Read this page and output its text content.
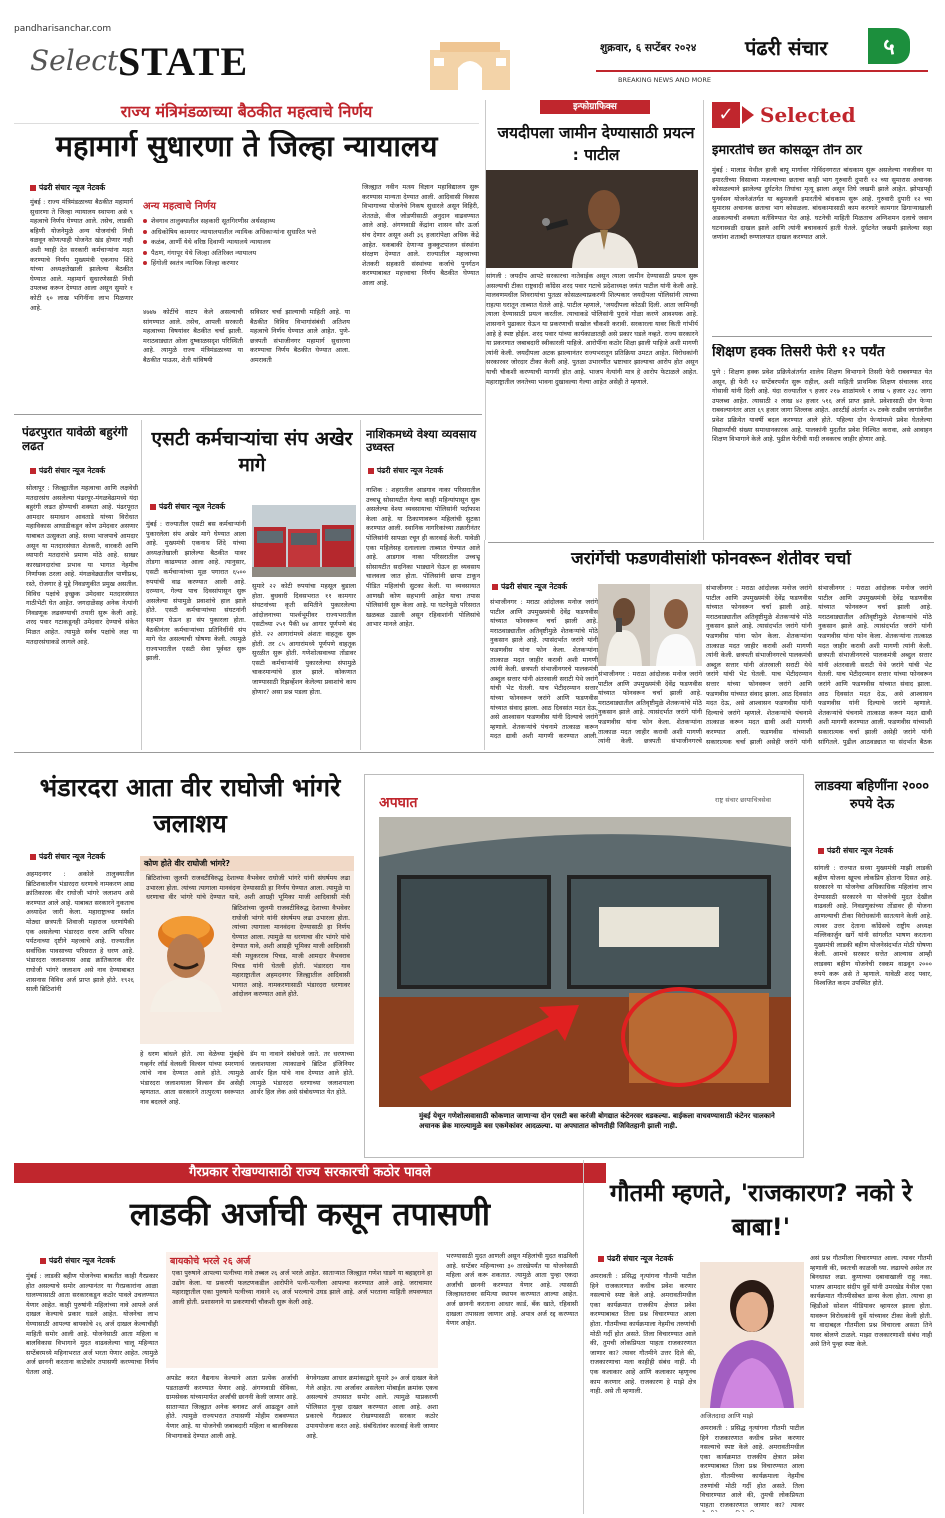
pandharisanchar.com
Select STATE	शुक्रवार, ६ सप्टेंबर २०२४ पंढरी संचार	५
BREAKING NEWS AND MORE
राज्य मंत्रिमंडळाच्या बैठकीत महत्वाचे निर्णय
महामार्ग सुधारणा ते जिल्हा न्यायालय
पंढरी संचार न्यूज नेटवर्क
मुंबई : राज्य मंत्रिमंडळाच्या बैठकीत महामार्ग सुधारणा ते जिल्हा न्यायालय स्थापना असे ९ महत्वाचे निर्णय घेण्यात आले. तसेच, लाडकी बहिणी योजनेमुळे अन्य योजनांची निधी वळवून कोणत्याही योजनेत खंड होणार नाही अशी ग्वाही देत सरकारी कर्मचाऱ्यांना मदत करण्याचे निर्णय मुख्यमंत्री एकनाथ शिंदे यांच्या अध्यक्षतेखाली झालेल्या बैठकीत घेण्यात आले. महामार्ग सुधारणेसाठी निधी उपलब्ध करून देण्यात आला असून सुमारे १ कोटी ६० लाख भगिनींना लाभ मिळणार आहे.
अन्य महत्वाचे निर्णय
शेवगाव तालुक्यातील सहकारी सूतगिरणीस अर्थसहाय्य
अधिकोषिय कामगार न्यायालयातील न्यायिक अधिकाऱ्यांना सुधारित भत्ते
कळंब, आर्णी येथे वरिष्ठ दिवाणी न्यायालये न्यायालय
पैठण, गंगापूर येथे जिल्हा अतिरिक्त न्यायालय
हिंगोली स्वतंत्र न्यायिक जिल्हा करणार
४७४७ कोटींचे वाटप केले असल्याची सांगण्यात आले. तसेच, आपली सरकारी महत्वाच्या विषयांवर बैठकीत चर्चा झाली. मराठवाड्यात ओला दुष्काळसदृश परिस्थिती आहे. त्यामुळे राज्य मंत्रिमंडळाच्या या बैठकीत पाऊस, शेती यांविषयी
सविस्तर चर्चा झाल्याची माहिती आहे. या बैठकीत विविध विभागांसंबंधी अतिशय महत्वाचे निर्णय घेण्यात आले आहेत. पुणे- छत्रपती संभाजीनगर महामार्ग सुधारणा करण्याचा निर्णय बैठकीत घेण्यात आला. अमरावती
जिल्ह्यात नवीन मत्स्य विज्ञान महाविद्यालय सुरू करण्यास मान्यता देण्यात आली. आदिवासी विकास विभागाच्या योजनेचे निकष सुधारले असून विहिरी, शेततळे, वीज जोडणीसाठी अनुदान वाढवण्यात आले आहे. अंगणवाडी केंद्रांना शासन सौर ऊर्जा संच देणार असून अशी ३६ हजारांपेक्षा अधिक केंद्रे आहेत. थकबाकी देणाऱ्या कुक्कुटपालन संस्थांना संरक्षण देण्यात आले. राज्यातील महत्त्वाच्या शेतकरी सहकारी संस्थांच्या कर्जाचे पुनर्गठन करण्याबाबत महत्त्वाचा निर्णय बैठकीत घेण्यात आला आहे.
इन्फोग्राफिक्स
जयदीपला जामीन देण्यासाठी प्रयत्न : पाटील
सांगली : जयदीप आपटे सरकारचा नातेवाईक असून त्याला जामीन देण्यासाठी प्रयत्न सुरू असल्याची टीका राष्ट्रवादी काँग्रेस शरद पवार गटाचे प्रदेशाध्यक्ष जयंत पाटील यांनी केली आहे. मालवणमधील शिवरायांचा पुतळा कोसळल्याप्रकरणी शिल्पकार जयदीपला पोलिसांनी त्याच्या राहत्या घरातून ताब्यात घेतले आहे. पाटील म्हणाले, 'जयदीपला कोठडी दिली. आता जामिनही त्याला देण्यासाठी प्रयत्न करतील. त्याचाकडे पोलिसांनी पुरावे गोळा करणे आवश्यक आहे. शासनाने पुढाकार घेऊन या प्रकरणाची सखोल चौकशी करावी. सरकारला यावर किती गांभीर्य आहे हे स्पष्ट होईल. शरद पवार यांच्या कार्यकाळातही असे प्रकार घडले नव्हते. राज्य सरकारने या प्रकरणात जबाबदारी स्वीकारली पाहिजे. आरोपींना कठोर शिक्षा झाली पाहिजे अशी मागणी त्यांनी केली. जयदीपला अटक झाल्यानंतर राज्यभरातून प्रतिक्रिया उमटत आहेत. विरोधकांनी सरकारवर जोरदार टीका केली आहे. पुतळा उभारणीत भ्रष्टाचार झाल्याचा आरोप होत असून याची चौकशी करण्याची मागणी होत आहे. भाजप नेत्यांनी मात्र हे आरोप फेटाळले आहेत. महाराष्ट्रातील जनतेच्या भावना दुखावल्या गेल्या आहेत असेही ते म्हणाले.
✓	Selected
इमारतीचे छत कोसळून तीन ठार
मुंबई : मालाड येथील हाजी बापू मार्गावर गोविंदनगरात बांधकाम सुरू असलेल्या नवजीवन या इमारतीच्या विसाव्या मजल्याच्या छताचा काही भाग गुरुवारी दुपारी १२ च्या सुमारास अचानक कोसळल्याने झालेल्या दुर्घटनेत तिघांचा मृत्यू झाला असून तिघे जखमी झाले आहेत. झोपडपट्टी पुनर्वसन योजनेअंतर्गत या बहुमजली इमारतीचे बांधकाम सुरू आहे. गुरुवारी दुपारी १२ च्या सुमारास अचानक छताचा भाग कोसळला. बांधकामासाठी काम करणारे कामगार ढिगाऱ्याखाली अडकल्याची शक्यता वर्तविण्यात येत आहे. घटनेची माहिती मिळताच अग्निशमन दलाचे जवान घटनास्थळी दाखल झाले आणि त्यांनी बचावकार्य हाती घेतले. दुर्घटनेत जखमी झालेल्या सहा जणांना शताब्दी रुग्णालयात दाखल करण्यात आले.
शिक्षण हक्क तिसरी फेरी १२ पर्यंत
पुणे : शिक्षण हक्क प्रवेश प्रक्रियेअंतर्गत शालेय शिक्षण विभागाने तिसरी फेरी राबवण्यात येत असून, ही फेरी १२ सप्टेंबरपर्यंत सुरू राहील, अशी माहिती प्राथमिक शिक्षण संचालक शरद गोसावी यांनी दिली आहे. यंदा राज्यातील ९ हजार २१७ शाळांमध्ये १ लाख ५ हजार २३८ जागा उपलब्ध आहेत. त्यासाठी २ लाख ४२ हजार ५१६ अर्ज प्राप्त झाले. प्रवेशासाठी दोन फेऱ्या राबवल्यानंतर आता ६९ हजार जागा शिल्लक आहेत. आरटीई अंतर्गत २५ टक्के राखीव जागांवरील प्रवेश प्रक्रियेत यावर्षी बदल करण्यात आले होते. पहिल्या दोन फेऱ्यांमध्ये प्रवेश घेतलेल्या विद्यार्थ्यांची संख्या समाधानकारक आहे. पालकांनी मुदतीत प्रवेश निश्चित करावा, असे आवाहन शिक्षण विभागाने केले आहे. पुढील फेरीची यादी लवकरच जाहीर होणार आहे.
पंढरपुरात यावेळी बहुरंगी लढत
पंढरी संचार न्यूज नेटवर्क
सोलापूर : जिल्ह्यातील महत्वाचा आणि लक्षवेधी मतदारसंघ असलेल्या पंढरपूर-मंगळवेढामध्ये यंदा बहुरंगी लढत होण्याची शक्यता आहे. पंढरपूरात आमदार समाधान आवताडे यांच्या विरोधात महाविकास आघाडीकडून कोण उमेदवार असणार याबाबत उत्सुकता आहे. सध्या भाजपाचे आमदार असून या मतदारसंघात शेतकरी, वारकरी आणि व्यापारी मतदारांचे प्रमाण मोठे आहे. साखर कारखानदारांचा प्रभाव या भागात नेहमीच निर्णायक ठरला आहे. मंगळवेढ्यातील पाणीप्रश्न, रस्ते, रोजगार हे मुद्दे निवडणुकीत प्रमुख असतील. विविध पक्षांचे इच्छुक उमेदवार मतदारसंघात गाठीभेटी घेत आहेत. जगदाळेंसह अनेक नेत्यांनी निवडणूक लढवण्याची तयारी सुरू केली आहे. शरद पवार गटाकडूनही उमेदवार देण्याचे संकेत मिळत आहेत. त्यामुळे सर्वच पक्षांचे लक्ष या मतदारसंघाकडे लागले आहे.
एसटी कर्मचाऱ्यांचा संप अखेर मागे
पंढरी संचार न्यूज नेटवर्क
मुंबई : राज्यातील एसटी बस कर्मचाऱ्यांनी पुकारलेला संप अखेर मागे घेण्यात आला आहे. मुख्यमंत्री एकनाथ शिंदे यांच्या अध्यक्षतेखाली झालेल्या बैठकीत यावर तोडगा काढण्यात आला आहे. त्यानुसार, एसटी कर्मचाऱ्यांच्या मूळ पगारात ६५०० रुपयांची वाढ करण्यात आली आहे. दरम्यान, गेल्या पाच दिवसांपासून सुरू असलेल्या संपामुळे प्रवाशांचे हाल झाले होते. एसटी कर्मचाऱ्यांच्या संघटनांनी सहभाग घेऊन हा संप पुकारला होता. बैठकीनंतर कर्मचाऱ्यांच्या प्रतिनिधींनी संप मागे घेत असल्याची घोषणा केली. त्यामुळे राज्यभरातील एसटी सेवा पूर्ववत सुरू झाली.
सुमारे २२ कोटी रुपयांचा महसूल बुडाला होता. बुधवारी दिवसभरात ११ कामगार संघटनांच्या कृती समितीने पुकारलेल्या आंदोलनाच्या पार्श्वभूमीवर राज्यभरातील एसटीच्या २५१ पैकी ७४ आगार पूर्णपणे बंद होते. २२ आगारांमध्ये अंशतः वाहतूक सुरू होती. तर ८५ आगारांमध्ये पूर्णपणे वाहतूक सुरळीत सुरू होती. गणेशोत्सवाच्या तोंडावर एसटी कर्मचाऱ्यांनी पुकारलेल्या संपामुळे चाकरमान्यांचे हाल झाले. कोकणात जाण्यासाठी रिझर्व्हेशन केलेल्या प्रवाशांचे काय होणार? असा प्रश्न पडला होता.
नाशिकमध्ये वेश्या व्यवसाय उध्वस्त
पंढरी संचार न्यूज नेटवर्क
नाशिक : शहरातील आडगाव नाका परिसरातील उच्चभ्रू सोसायटीत गेल्या काही महिन्यांपासून सुरू असलेल्या वेश्या व्यवसायाचा पोलिसांनी पर्दाफाश केला आहे. या ठिकाणावरून महिलांची सुटका करण्यात आली. स्थानिक नागरिकांच्या तक्रारीनंतर पोलिसांनी सापळा रचून ही कारवाई केली. यावेळी एका महिलेसह दलालाला ताब्यात घेण्यात आले आहे. आडगाव नाका परिसरातील उच्चभ्रू सोसायटीत सदनिका भाड्याने घेऊन हा व्यवसाय चालवला जात होता. पोलिसांनी छापा टाकून पीडित महिलांची सुटका केली. या व्यवसायात आणखी कोण सहभागी आहेत याचा तपास पोलिसांनी सुरू केला आहे. या घटनेमुळे परिसरात खळबळ उडाली असून रहिवाशांनी पोलिसांचे आभार मानले आहेत.
जरांगेंची फडणवीसांशी फोनवरून शेतीवर चर्चा
पंढरी संचार न्यूज नेटवर्क
संभाजीनगर : मराठा आंदोलक मनोज जरांगे पाटील आणि उपमुख्यमंत्री देवेंद्र फडणवीस यांच्यात फोनवरून चर्चा झाली आहे. मराठवाड्यातील अतिवृष्टीमुळे शेतकऱ्यांचे मोठे नुकसान झाले आहे. त्यासंदर्भात जरांगे यांनी फडणवीस यांना फोन केला. शेतकऱ्यांना तात्काळ मदत जाहीर करावी अशी मागणी त्यांनी केली. छत्रपती संभाजीनगरचे पालकमंत्री अब्दुल सत्तार यांनी अंतरवाली सराटी येथे जरांगे यांची भेट घेतली. याच भेटीदरम्यान सत्तार यांच्या फोनवरून जरांगे आणि फडणवीस यांच्यात संवाद झाला. आठ दिवसांत मदत देऊ, असे आश्वासन फडणवीस यांनी दिल्याचे जरांगे म्हणाले. शेतकऱ्यांचे पंचनामे तात्काळ करून मदत द्यावी अशी मागणी करण्यात आली.
संभाजीनगर : मराठा आंदोलक मनोज जरांगे पाटील आणि उपमुख्यमंत्री देवेंद्र फडणवीस यांच्यात फोनवरून चर्चा झाली आहे. मराठवाड्यातील अतिवृष्टीमुळे शेतकऱ्यांचे मोठे नुकसान झाले आहे. त्यासंदर्भात जरांगे यांनी फडणवीस यांना फोन केला. शेतकऱ्यांना तात्काळ मदत जाहीर करावी अशी मागणी त्यांनी केली. छत्रपती संभाजीनगरचे
संभाजीनगर : मराठा आंदोलक मनोज जरांगे पाटील आणि उपमुख्यमंत्री देवेंद्र फडणवीस यांच्यात फोनवरून चर्चा झाली आहे. मराठवाड्यातील अतिवृष्टीमुळे शेतकऱ्यांचे मोठे नुकसान झाले आहे. त्यासंदर्भात जरांगे यांनी फडणवीस यांना फोन केला. शेतकऱ्यांना तात्काळ मदत जाहीर करावी अशी मागणी त्यांनी केली. छत्रपती संभाजीनगरचे पालकमंत्री अब्दुल सत्तार यांनी अंतरवाली सराटी येथे जरांगे यांची भेट घेतली. याच भेटीदरम्यान सत्तार यांच्या फोनवरून जरांगे आणि फडणवीस यांच्यात संवाद झाला. आठ दिवसांत मदत देऊ, असे आश्वासन फडणवीस यांनी दिल्याचे जरांगे म्हणाले. शेतकऱ्यांचे पंचनामे तात्काळ करून मदत द्यावी अशी मागणी करण्यात आली. फडणवीस यांच्याशी सकारात्मक चर्चा झाली असेही जरांगे यांनी
संभाजीनगर : मराठा आंदोलक मनोज जरांगे पाटील आणि उपमुख्यमंत्री देवेंद्र फडणवीस यांच्यात फोनवरून चर्चा झाली आहे. मराठवाड्यातील अतिवृष्टीमुळे शेतकऱ्यांचे मोठे नुकसान झाले आहे. त्यासंदर्भात जरांगे यांनी फडणवीस यांना फोन केला. शेतकऱ्यांना तात्काळ मदत जाहीर करावी अशी मागणी त्यांनी केली. छत्रपती संभाजीनगरचे पालकमंत्री अब्दुल सत्तार यांनी अंतरवाली सराटी येथे जरांगे यांची भेट घेतली. याच भेटीदरम्यान सत्तार यांच्या फोनवरून जरांगे आणि फडणवीस यांच्यात संवाद झाला. आठ दिवसांत मदत देऊ, असे आश्वासन फडणवीस यांनी दिल्याचे जरांगे म्हणाले. शेतकऱ्यांचे पंचनामे तात्काळ करून मदत द्यावी अशी मागणी करण्यात आली. फडणवीस यांच्याशी सकारात्मक चर्चा झाली असेही जरांगे यांनी सांगितले. पुढील आठवड्यात या संदर्भात बैठक
भंडारदरा आता वीर राघोजी भांगरे जलाशय
पंढरी संचार न्यूज नेटवर्क
अहमदनगर : अकोले तालुक्यातील ब्रिटिशकालीन भंडारदरा धरणाचे नामकरण आद्य क्रांतिकारक वीर राघोजी भांगरे जलाशय असे करण्यात आले आहे. याबाबत सरकारने नुकताच अध्यादेश जारी केला. महाराष्ट्राच्या सर्वात मोठ्या छत्रपती शिवाजी महाराज धरणांपैकी एक असलेल्या भंडारदरा धरण आणि परिसर पर्यटनाच्या दृष्टीने महत्त्वाचे आहे. राज्यातील सर्वाधिक पावसाच्या परिसरात हे धरण आहे. भंडारदरा जलाशयास आद्य क्रांतिकारक वीर राघोजी भांगरे जलाशय असे नाव देण्याबाबत शासनास विविध अर्ज प्राप्त झाले होते. १९२६ साली ब्रिटिशांनी
कोण होते वीर राघोजी भांगरे?
ब्रिटिशांच्या जुलमी राजवटीविरुद्ध देशाच्या वैभवेवर राघोजी भांगरे यांनी संघर्षमय लढा उभारला होता. त्यांच्या त्यागाला मानवंदना देण्यासाठी हा निर्णय घेण्यात आला. त्यामुळे या धरणाचा वीर भांगरे यांचे देण्यात यावे, अशी आग्रही भूमिका माजी आदिवासी मंत्री
ब्रिटिशांच्या जुलमी राजवटीविरुद्ध देशाच्या वैभवेवर राघोजी भांगरे यांनी संघर्षमय लढा उभारला होता. त्यांच्या त्यागाला मानवंदना देण्यासाठी हा निर्णय घेण्यात आला. त्यामुळे या धरणाचा वीर भांगरे यांचे देण्यात यावे, अशी आग्रही भूमिका माजी आदिवासी मंत्री मधुकरराव पिचड, माजी आमदार वैभवराव पिचड यांनी घेतली होती. भंडारदरा गाव महाराष्ट्रातील अहमदनगर जिल्ह्यातील आदिवासी भागात आहे. नामकरणासाठी भंडारदरा धरणावर आंदोलन करण्यात आले होते.
हे धरण बांधले होते. त्या वेळेच्या मुंबईचे गव्हर्नर लॉर्ड वेलस्ली विल्सन यांच्या स्मरणार्थ त्यांचे नाव देण्यात आले होते. त्यामुळे भंडारदरा जलाशयाला विल्सन डॅम असेही म्हणतात. आता सरकारने तात्पुरत्या स्वरूपात नाव बदलले आहे.
डॅम या नावाने संबोधले जाते. तर धरणाच्या जलाशयाला त्याकाळचे ब्रिटिश इंजिनियर आर्थर हिल यांचे नाव देण्यात आले होते. त्यामुळे भंडारदरा धरणाच्या जलाशयाला आर्थर हिल लेक असे संबोधण्यात येत होते.
अपघात	राष्ट्र संचार छायाचित्रसेवा
मुंबई येथून गणेशोत्सवासाठी कोकणात जाणाऱ्या दोन एसटी बस करंजी बोगद्यात कंटेनरवर धडकल्या. बाईकला वाचवण्यासाठी कंटेनर चालकाने अचानक ब्रेक मारल्यामुळे बस एकमेकांवर आदळल्या. या अपघातात कोणतीही जिवितहानी झाली नाही.
लाडक्या बहिणींना २००० रुपये देऊ
पंढरी संचार न्यूज नेटवर्क
सांगली : राज्यात सध्या मुख्यमंत्री माझी लाडकी बहीण योजना खूपच लोकप्रिय होताना दिसत आहे. सरकारने या योजनेचा अधिकाधिक महिलांना लाभ देण्यासाठी सरकारने या योजनेची मुदत देखील वाढवली आहे. निवडणुकांच्या तोंडावर ही योजना आणल्याची टीका विरोधकांनी सातत्याने केली आहे. त्यावर उत्तर देताना काँग्रेसचे राष्ट्रीय अध्यक्ष मल्लिकार्जुन खर्गे यांनी सांगलीत भाषण करताना मुख्यमंत्री लाडकी बहीण योजनेसंदर्भात मोठी घोषणा केली. आमचे सरकार सत्तेत आल्यास आम्ही लाडक्या बहीण योजनेची रक्कम वाढवून २००० रुपये करू असे ते म्हणाले. यावेळी शरद पवार, विश्वजित कदम उपस्थित होते.
गैरप्रकार रोखण्यासाठी राज्य सरकारची कठोर पावले
लाडकी अर्जाची कसून तपासणी
पंढरी संचार न्यूज नेटवर्क
मुंबई : लाडकी बहीण योजनेच्या बाबतीत काही गैरप्रकार होत असल्याचे समोर आल्यानंतर या गैरप्रकारांना आळा घालण्यासाठी आता सरकारकडून कठोर पावले उचलण्यात येणार आहेत. काही पुरुषांनी महिलांच्या नावे आपले अर्ज दाखल केल्याचे प्रकार घडले आहेत. योजनेचा लाभ घेण्यासाठी आपल्या बायकोचे २६ अर्ज दाखल केल्याचीही माहिती समोर आली आहे. योजनेसाठी आता महिला व बालविकास विभागाने मुदत वाढवलेल्या चालू महिन्यात सप्टेंबरमध्ये महिनाभरात अर्ज भरता येणार आहेत. त्यामुळे अर्ज छाननी करताना काटेकोर तपासणी करण्याचा निर्णय घेतला आहे.
बायकोचे भरले २६ अर्ज
एका पुरुषाने आपल्या पत्नीच्या नावे तब्बल २६ अर्ज भरले आहेत. साताऱ्यात जिल्ह्यात गणेश घाडगे या बहाद्दराने हा उद्योग केला. या प्रकरणी फलटणकडील आरोपीने पत्नी-पत्नीला आपल्या करण्यात आले आहे. जराचामार महाराष्ट्रातील एका पुरुषाने पत्नीच्या नावाने २६ अर्ज भरल्याचे उघड झाले आहे. अर्ज भरताना माहिती लपवण्यात आली होती. प्रशासनाने या प्रकरणाची चौकशी सुरू केली आहे.
अपडेट करत वैद्यनाथ केल्याने आता प्रत्येक अर्जाची पडताळणी करण्यात येणार आहे. अंगणवाडी सेविका, ग्रामसेवक यांच्यामार्फत अर्जांची छाननी केली जाणार आहे. साताऱ्यात जिल्ह्यात अनेक बनावट अर्ज आढळून आले होते. त्यामुळे राज्यभरात तपासणी मोहीम राबवण्यात येणार आहे. या योजनेची जबाबदारी महिला व बालविकास विभागाकडे देण्यात आली आहे.
वेगवेगळ्या आधार क्रमांकाद्वारे सुमारे ३० अर्ज दाखल केले गेले आहेत. त्या अर्जावर असलेला मोबाईल क्रमांक एकच असल्याचे तपासात समोर आले. त्यामुळे याप्रकरणी पोलिसात गुन्हा दाखल करण्यात आला आहे. अशा प्रकारचे गैरप्रकार रोखण्यासाठी सरकार कठोर उपाययोजना करत आहे. संबंधितांवर कारवाई केली जाणार आहे.
भरण्यासाठी मुदत आणली असून महिलांची मुदत वाढविली आहे. सप्टेंबर महिन्याच्या ३० तारखेपर्यंत या योजनेसाठी महिला अर्ज करू शकतात. त्यामुळे आता पुन्हा एकदा अर्जांची छाननी करण्यात येणार आहे. त्यासाठी जिल्हास्तरावर समित्या स्थापन करण्यात आल्या आहेत. अर्ज छाननी करताना आधार कार्ड, बँक खाते, रहिवासी दाखला तपासला जाणार आहे. अपात्र अर्ज रद्द करण्यात येणार आहेत.
गौतमी म्हणते, 'राजकारण? नको रे बाबा!'
पंढरी संचार न्यूज नेटवर्क
अमरावती : प्रसिद्ध नृत्यांगना गौतमी पाटील हिने राजकारणात कधीच प्रवेश करणार नसल्याचे स्पष्ट केले आहे. अमरावतीमधील एका कार्यक्रमात राजकीय क्षेत्रात प्रवेश करण्याबाबत तिला प्रश्न विचारण्यात आला होता. गौतमीच्या कार्यक्रमाला नेहमीच तरुणांची मोठी गर्दी होत असते. तिला विचारण्यात आले की, तुमची लोकप्रियता पाहता राजकारणात जाणार का? त्यावर गौतमीने उत्तर दिले की, राजकारणाचा मला काहीही संबंध नाही. मी एक कलाकार आहे आणि कलाकार म्हणूनच काम करणार आहे. राजकारण हे माझे क्षेत्र नाही. असे ती म्हणाली.
अजितदादा आणि माझे
अमरावती : प्रसिद्ध नृत्यांगना गौतमी पाटील हिने राजकारणात कधीच प्रवेश करणार नसल्याचे स्पष्ट केले आहे. अमरावतीमधील एका कार्यक्रमात राजकीय क्षेत्रात प्रवेश करण्याबाबत तिला प्रश्न विचारण्यात आला होता. गौतमीच्या कार्यक्रमाला नेहमीच तरुणांची मोठी गर्दी होत असते. तिला विचारण्यात आले की, तुमची लोकप्रियता पाहता राजकारणात जाणार का? त्यावर
असं प्रश्न गौतमीला विचारण्यात आला. त्यावर गौतमी म्हणाली की, स्वतःची काळजी घ्या. लढायचे असेल तर बिनधास्त लढा. कुणाच्या दबावाखाली राहू नका. भाजप आमदार संदीप धुर्वे यांनी उमरखेड येथील एका कार्यक्रमात गौतमीसोबत डान्स केला होता. त्याचा हा व्हिडीओ सोशल मीडियावर व्हायरल झाला होता. यावरून विरोधकांनी धुर्वे यांच्यावर टीका केली होती. या वादाबद्दल गौतमीला प्रश्न विचारला असता तिने यावर बोलणे टाळले. माझा राजकारणाशी संबंध नाही असे तिने पुन्हा स्पष्ट केले.
